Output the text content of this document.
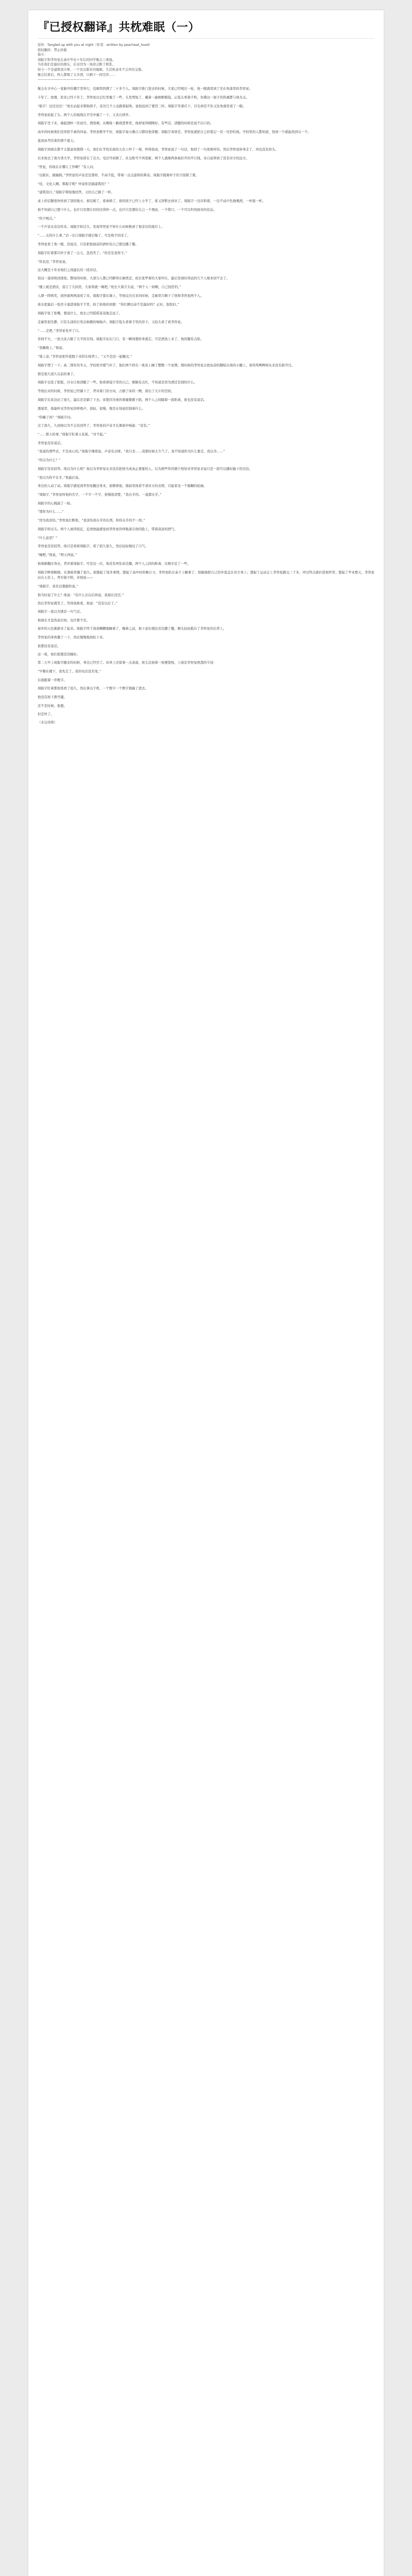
『已授权翻译』共枕难眠（一）

原作：Tangled up with you at night（作者：written by peacheat_hood）

授权翻译、禁止转载

简介：

周振宇和李智星在高中毕业十年后的同学聚会上重逢。

当年他们是最好的朋友，后来因为一场误会断了联系。

如今一个是建筑设计师，一个是出版社的编辑，生活轨迹本不会再有交集。

聚会结束后，两人都喝了太多酒，只剩下一间空房……

————————————————

聚会在市中心一家新开的餐厅里举行，包厢里挤满了二十多个人。周振宇推门进去的时候，大家已经喝过一轮，他一眼就看到了坐在角落里的李智星。

十年了。他想，原来已经十年了。李智星比记忆里瘦了一些，头发剪短了，戴着一副细框眼镜，正低头看着手机，仿佛这一屋子的热闹都与他无关。

“振宇！这边这边！”班长站起来朝他挥手，旁边几个人也跟着起哄，说他迟到了要罚三杯。周振宇笑着应下，目光却忍不住又往角落里看了一眼。

李智星抬起了头。两个人的视线在半空中撞了一下，又各自移开。

周振宇坐下来，端起酒杯一饮而尽。酒很辣，从喉咙一路烧进胃里，他却觉得刚刚好。有些话，清醒的时候是说不出口的。

高中的时候他们是形影不离的同桌。李智星数学不好，周振宇每天晚自习都给他讲题；周振宇英语差，李智星就把自己的笔记一页一页抄给他。学校里的人都知道，找到一个就能找到另一个。

直到高考结束的那个夏天。

周振宇到现在都不太愿意回想那一天。他们在学校后面的天台上吵了一架，吵得很凶，李智星说了一句话，他回了一句更难听的。然后李智星转身走了，再也没有回头。

后来他去了南方读大学，李智星留在了北方。电话号码换了，社交账号不再更新，两个人就像两条被拉开的平行线，各自延伸到了没有对方的远方。

“智星，你现在在哪儿工作啊？”有人问。

“出版社，做编辑。”李智星的声音还是那样，不高不低，带着一点点温和的鼻音。周振宇握着杯子的手指紧了紧。

“哇，文化人啊。那振宇呢？听说你是搞建筑的？”

“建筑设计。”周振宇简短地回答，又给自己倒了一杯。

桌上的话题很快转到了别的地方。谁结婚了，谁离婚了，谁的孩子已经上小学了，谁又辞职去创业了。周振宇一边应和着，一边不动声色地喝酒，一杯接一杯。

他不知道自己想干什么。也许只是想让时间过得快一点，也许只是想给自己一个理由，一个借口，一个可以坦然面对的状态。

“你少喝点。”

一个声音从旁边传来。周振宇转过头，发现李智星不知什么时候换到了他旁边的座位上。

“……关你什么事。”话一出口周振宇就后悔了，可是收不回来了。

李智星看了他一眼，没说话，只是把他面前的酒杯往自己那边挪了挪。

周振宇盯着那只杯子看了一会儿，忽然笑了。“你还是老样子。”

“你也是。”李智星说。

这大概是十年来他们之间最长的一段对话。

饭局一直持续到深夜。散场的时候，大部分人都已经醉得东倒西歪，班长张罗着给大家叫车，最后发现住得远的几个人根本回不去了。

“楼上就是酒店，我订了几间房，大家将就一晚吧。”班长大着舌头说，“两个人一间啊，自己找搭档。”

人群一阵哄笑，很快就两两凑成了对。周振宇靠在墙上，等他反应过来的时候，走廊里只剩下了他和李智星两个人。

班长把最后一张房卡塞进周振宇手里，拍了拍他的肩膀：“你们俩以前不是最好吗？正好，叙叙旧。”

周振宇张了张嘴，想说什么，班长已经摇摇晃晃地走远了。

走廊里很安静，只有头顶的灯发出细微的嗡嗡声。周振宇低头看着手里的房卡，又抬头看了看李智星。

“……走吧。”李智星先开了口。

房间不大，一张大床占据了大半的空间。周振宇站在门口，有一瞬间想转身就走，可是酒劲上来了，他的腿有点软。

“我睡地上。”他说。

“地上凉。”李智星把外套脱下来搭在椅背上，“又不是没一起睡过。”

周振宇愣了一下。高二那年的冬天，学校宿舍暖气坏了，他们两个挤在一张床上睡了整整一个星期。那时候的李智星会把冰凉的脚贴在他的小腿上，他骂骂咧咧却从来没有推开过。

那是很久很久以前的事了。

周振宇去洗了把脸，冷水让他清醒了一些。他看着镜子里的自己，眼睛有点红，不知道是因为酒还是别的什么。

等他出来的时候，李智星已经躺下了，背对着门的方向，占据了床的一侧，留出了大片的空间。

周振宇在床边站了很久，最后还是躺了下去。床垫因为他的重量微微下陷，两个人之间隔着一段距离，谁也没有说话。

黑暗里，他能听见李智星的呼吸声，很轻，很慢，像是在刻意控制着什么。

“你睡了吗？”周振宇问。

过了很久，久到他以为不会有回答了，李智星的声音才在黑暗中响起：“没有。”

“……那天的事，”周振宇盯着天花板，“对不起。”

李智星没有说话。

“我说的那些话，不是真心的。”周振宇继续说，声音有点哑，“我只是……我那时候太生气了。我不知道你为什么要走，我以为……”

“你以为什么？”

周振宇没有回答。他以为什么呢？他以为李智星从来没有把他当成真正重要的人，以为那些年的朝夕相处对李智星来说只是一段可以随时抛下的过往。

“我以为你不在乎。”他最后说。

身边的人动了动。周振宇感觉到李智星翻过身来，面朝着他。黑暗里他看不清对方的表情，只能看见一个模糊的轮廓。

“周振宇，”李智星叫他的名字，一个字一个字，很慢很清楚，“我在乎的。一直都在乎。”

周振宇的心跳漏了一拍。

“那你为什么……”

“因为我害怕。”李智星打断他，“我害怕我在乎的东西，和你在乎的不一样。”

周振宇转过头。两个人离得很近，近到他能感觉到李智星的呼吸落在他的脸上，带着淡淡的酒气。

“什么意思？”

李智星没有回答。他只是看着周振宇，看了很久很久，然后轻轻地叹了口气。

“睡吧。”他说，“明天再说。”

他重新翻过身去，背对着周振宇。可是这一次，他没有再往床边挪，两个人之间的距离，比刚才近了一些。

周振宇睁着眼睛，在黑暗里躺了很久。他想起了很多事情。想起了高中时的晚自习，李智星趴在桌子上睡着了，他偷偷把自己的外套盖在对方身上；想起了运动会上李智星跑完三千米，冲过终点就扑进他怀里；想起了毕业那天，李智星站在天台上，背对着夕阳，对他说——

“周振宇，我有话想跟你说。”

他当时说了什么？他说：“有什么话以后再说，我现在没空。”

然后李智星就笑了，笑得很难看。他说：“没有以后了。”

周振宇一直以为那是一句气话。

他现在才忽然意识到，也许那不是。

窗外的天色渐渐亮了起来。周振宇终于迷迷糊糊地睡着了，睡着之前，他下意识地往旁边挪了挪，额头轻轻抵在了李智星的后背上。

李智星的身体僵了一下，然后慢慢地放松下来。

谁都没有说话。

这一夜，他们谁都没有睡好。

第二天早上周振宇醒来的时候，身边已经空了。床单上还留着一点余温，枕头边放着一张便签纸，上面是李智星熟悉的字迹：

“早餐在楼下，我先走了。我的电话没有变。”

后面跟着一串数字。

周振宇盯着那张纸看了很久，然后拿出手机，一个数字一个数字地输了进去。

他没有按下拨号键。

还不是时候。他想。

但是快了。

（未完待续）
